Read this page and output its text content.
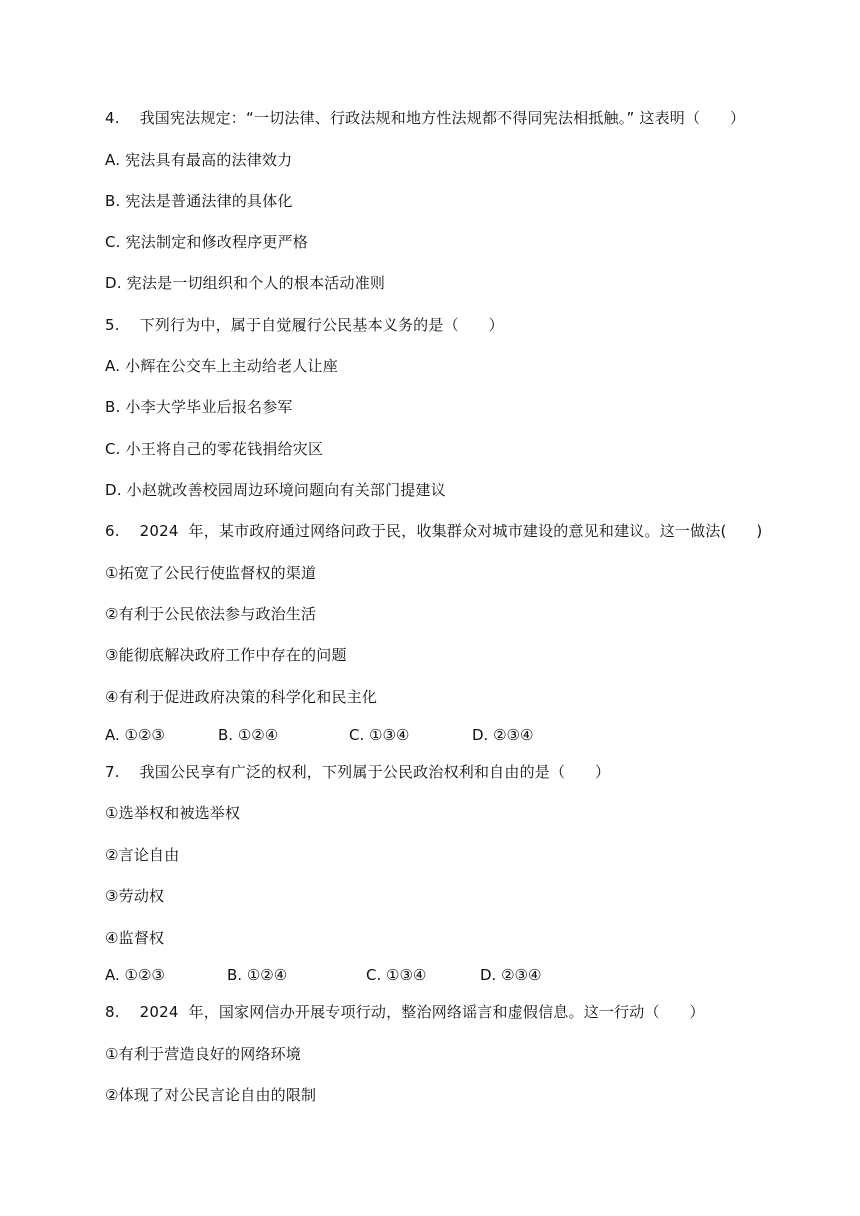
4.    我国宪法规定：“一切法律、行政法规和地方性法规都不得同宪法相抵触。” 这表明（      ）
A. 宪法具有最高的法律效力
B. 宪法是普通法律的具体化
C. 宪法制定和修改程序更严格
D. 宪法是一切组织和个人的根本活动准则
5.    下列行为中，属于自觉履行公民基本义务的是（      ）
A. 小辉在公交车上主动给老人让座
B. 小李大学毕业后报名参军
C. 小王将自己的零花钱捐给灾区
D. 小赵就改善校园周边环境问题向有关部门提建议
6.    2024  年，某市政府通过网络问政于民，收集群众对城市建设的意见和建议。这一做法(      )
①拓宽了公民行使监督权的渠道
②有利于公民依法参与政治生活
③能彻底解决政府工作中存在的问题
④有利于促进政府决策的科学化和民主化
A. ①②③	B. ①②④	C. ①③④	D. ②③④
7.    我国公民享有广泛的权利，下列属于公民政治权利和自由的是（      ）
①选举权和被选举权
②言论自由
③劳动权
④监督权
A. ①②③	B. ①②④	C. ①③④	D. ②③④
8.    2024  年，国家网信办开展专项行动，整治网络谣言和虚假信息。这一行动（      ）
①有利于营造良好的网络环境
②体现了对公民言论自由的限制
